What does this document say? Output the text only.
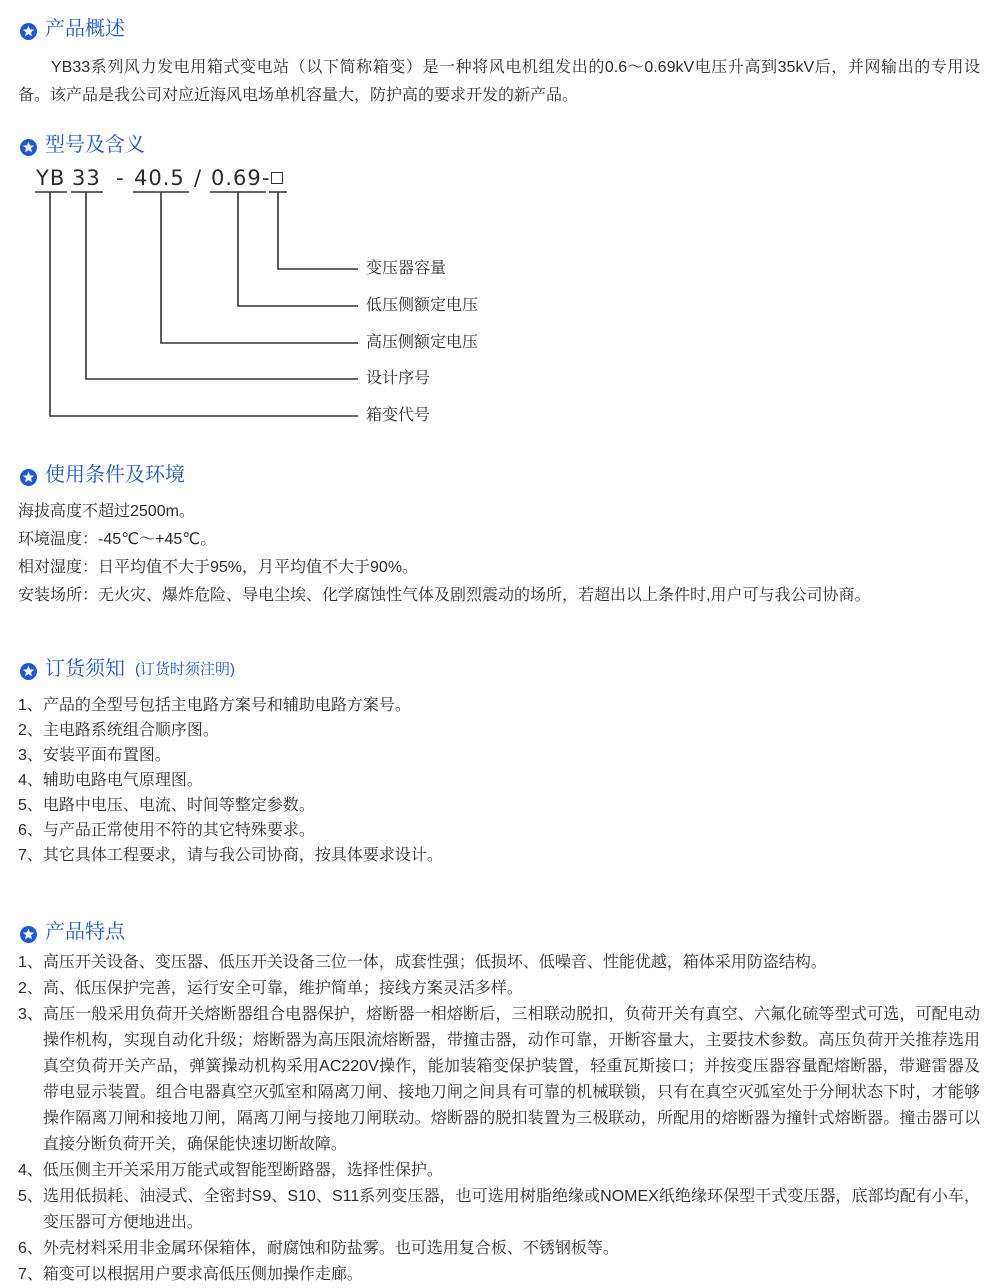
产品概述

YB33系列风力发电用箱式变电站（以下简称箱变）是一种将风电机组发出的0.6～0.69kV电压升高到35kV后，并网输出的专用设备。该产品是我公司对应近海风电场单机容量大，防护高的要求开发的新产品。

型号及含义
YB 33 - 40.5 / 0.69 -
变压器容量
低压侧额定电压
高压侧额定电压
设计序号
箱变代号
使用条件及环境
海拔高度不超过2500m。
环境温度：-45℃～+45℃。
相对湿度：日平均值不大于95%，月平均值不大于90%。
安装场所：无火灾、爆炸危险、导电尘埃、化学腐蚀性气体及剧烈震动的场所，若超出以上条件时,用户可与我公司协商。
订货须知 (订货时须注明)
1、 产品的全型号包括主电路方案号和辅助电路方案号。
2、 主电路系统组合顺序图。
3、 安装平面布置图。
4、 辅助电路电气原理图。
5、 电路中电压、电流、时间等整定参数。
6、 与产品正常使用不符的其它特殊要求。
7、 其它具体工程要求，请与我公司协商，按具体要求设计。
产品特点
1、 高压开关设备、变压器、低压开关设备三位一体，成套性强；低损坏、低噪音、性能优越，箱体采用防盗结构。
2、 高、低压保护完善，运行安全可靠，维护简单；接线方案灵活多样。
3、 高压一般采用负荷开关熔断器组合电器保护，熔断器一相熔断后，三相联动脱扣，负荷开关有真空、六氟化硫等型式可选，可配电动操作机构，实现自动化升级；熔断器为高压限流熔断器，带撞击器，动作可靠，开断容量大，主要技术参数。高压负荷开关推荐选用真空负荷开关产品，弹簧操动机构采用AC220V操作，能加装箱变保护装置，轻重瓦斯接口；并按变压器容量配熔断器，带避雷器及带电显示装置。组合电器真空灭弧室和隔离刀闸、接地刀闸之间具有可靠的机械联锁，只有在真空灭弧室处于分闸状态下时，才能够操作隔离刀闸和接地刀闸，隔离刀闸与接地刀闸联动。熔断器的脱扣装置为三极联动，所配用的熔断器为撞针式熔断器。撞击器可以直接分断负荷开关，确保能快速切断故障。
4、 低压侧主开关采用万能式或智能型断路器，选择性保护。
5、 选用低损耗、油浸式、全密封S9、S10、S11系列变压器，也可选用树脂绝缘或NOMEX纸绝缘环保型干式变压器，底部均配有小车，变压器可方便地进出。
6、 外壳材料采用非金属环保箱体，耐腐蚀和防盐雾。也可选用复合板、不锈钢板等。
7、 箱变可以根据用户要求高低压侧加操作走廊。
